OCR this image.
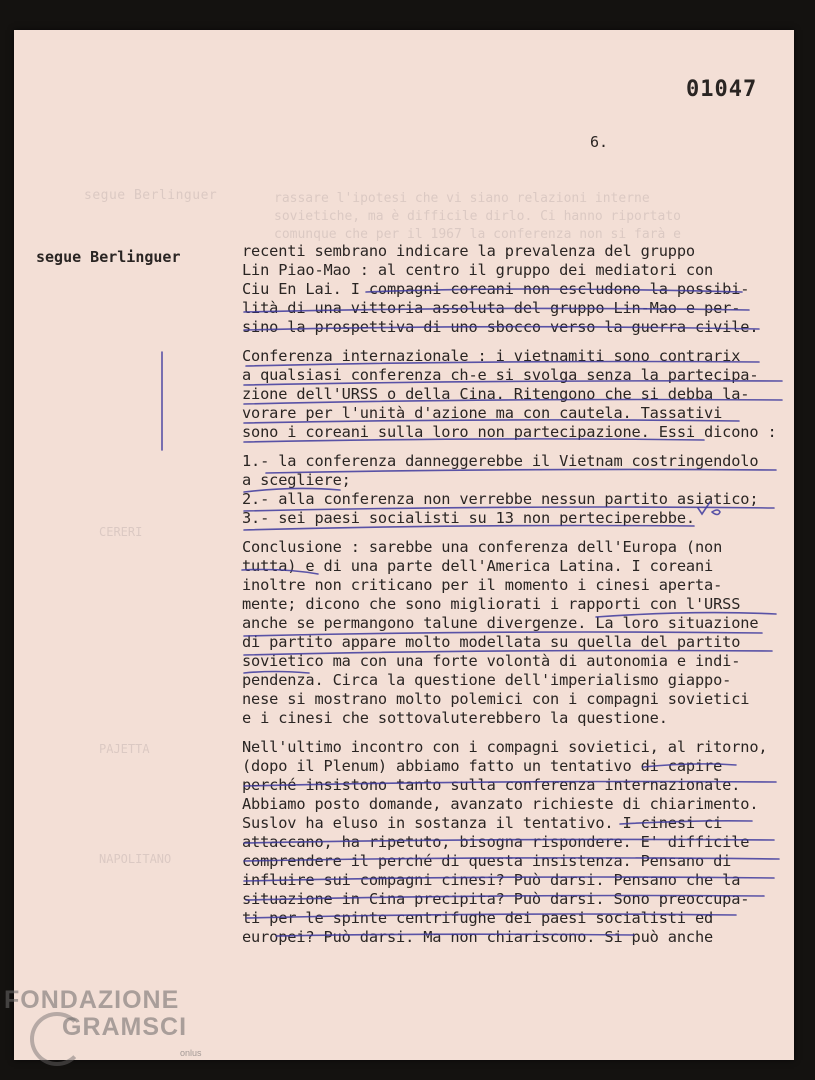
segue Berlinguer	rassare l'ipotesi che vi siano relazioni interne
sovietiche, ma è difficile dirlo. Ci hanno riportato
comunque che per il 1967 la conferenza non si farà e
CERERI
PAJETTA
NAPOLITANO
01047
6.
segue Berlinguer	recenti sembrano indicare la prevalenza del gruppo
Lin Piao-Mao : al centro il gruppo dei mediatori con
Ciu En Lai. I compagni coreani non escludono la possibi-
lità di una vittoria assoluta del gruppo Lin-Mao e per-
sino la prospettiva di uno sbocco verso la guerra civile.
Conferenza internazionale : i vietnamiti sono contrarix
a qualsiasi conferenza ch-e si svolga senza la partecipa-
zione dell'URSS o della Cina. Ritengono che si debba la-
vorare per l'unità d'azione ma con cautela. Tassativi
sono i coreani sulla loro non partecipazione. Essi dicono :
1.- la conferenza danneggerebbe il Vietnam costringendolo
a scegliere;
2.- alla conferenza non verrebbe nessun partito asiatico;
3.- sei paesi socialisti su 13 non perteciperebbe.
Conclusione : sarebbe una conferenza dell'Europa (non
tutta) e di una parte dell'America Latina. I coreani
inoltre non criticano per il momento i cinesi aperta-
mente; dicono che sono migliorati i rapporti con l'URSS
anche se permangono talune divergenze. La loro situazione
di partito appare molto modellata su quella del partito
sovietico ma con una forte volontà di autonomia e indi-
pendenza. Circa la questione dell'imperialismo giappo-
nese si mostrano molto polemici con i compagni sovietici
e i cinesi che sottovaluterebbero la questione.
Nell'ultimo incontro con i compagni sovietici, al ritorno,
(dopo il Plenum) abbiamo fatto un tentativo di capire
perché insistono tanto sulla conferenza internazionale.
Abbiamo posto domande, avanzato richieste di chiarimento.
Suslov ha eluso in sostanza il tentativo. I cinesi ci
attaccano, ha ripetuto, bisogna rispondere. E' difficile
comprendere il perché di questa insistenza. Pensano di
influire sui compagni cinesi? Può darsi. Pensano che la
situazione in Cina precipita? Può darsi. Sono preoccupa-
ti per le spinte centrifughe dei paesi socialisti ed
europei? Può darsi. Ma non chiariscono. Si può anche
FONDAZIONE
GRAMSCI
onlus
